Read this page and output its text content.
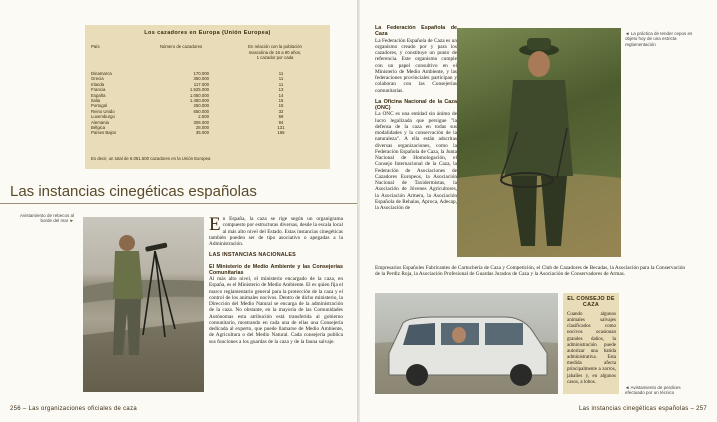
Los cazadores en Europa (Unión Europea)
País	Número de cazadores	En relación con la población
masculina de 16 a 90 años,
1 cazador por cada
Dinamarca	170.000	11
Grecia	350.000	11
Irlanda	117.000	11
Francia	1.525.000	13
España	1.050.000	14
Italia	1.450.000	15
Portugal	250.000	15
Reino Unido	650.000	32
Luxemburgo	2.500	59
Alemania	306.000	94
Bélgica	28.000	131
Países Bajos	35.000	166
Es decir, un total de 6.051.500 cazadores en la Unión Europea
Las instancias cinegéticas españolas
Avistamiento de rebecos al borde del mar ►	En España, la caza se rige según un organigrama compuesto por estructuras diversas, desde la escala local al más alto nivel del Estado. Estas instancias cinegéticas también pueden ser de tipo asociativo o apegadas a la Administración.

LAS INSTANCIAS NACIONALES

El Ministerio de Medio Ambiente y las Consejerías Comunitarias

Al más alto nivel, el ministerio encargado de la caza, en España, es el Ministerio de Medio Ambiente. El es quien fija el marco reglamentario general para la protección de la caza y el control de los animales nocivos. Dentro de dicho ministerio, la Dirección del Medio Natural se encarga de la administración de la caza. No obstante, en la mayoría de las Comunidades Autónomas esta atribución está transferida al gobierno comunitario, mostrando en cada una de ellas una Consejería dedicada al experto, que puede llamarse de Medio Ambiente, de Agricultura o del Medio Natural. Cada consejería publica sus funciones a los guardas de la caza y de la fauna salvaje.

256 – Las organizaciones oficiales de caza

La Federación Española de Caza

La Federación Española de Caza es un organismo creado por y para los cazadores, y constituye un punto de referencia. Este organismo cumple con un papel consultivo en el Ministerio de Medio Ambiente, y las federaciones provinciales participan y colaboran con las Consejerías comunitarias.

La Oficina Nacional de la Caza (ONC)

La ONC es una entidad sin ánimo de lucro legalizada que persigue "la defensa de la caza en todas sus modalidades y la conservación de la naturaleza". A ella están adscritas diversas organizaciones, como la Federación Española de Caza, la Junta Nacional de Homologación, el Consejo Internacional de la Caza, la Federación de Asociaciones de Cazadores Europeos, la Asociación Nacional de Taxidermistas, la Asociación de Jóvenes Agricultores, la Asociación Armera, la Asociación Española de Rehalas, Aproca, Adecap, la Asociación de

◄ La práctica de tender cepos es objeto hoy de una estricta reglamentación
Empresarios Españoles Fabricantes de Cartuchería de Caza y Competición, el Club de Cazadores de Becadas, la Asociación para la Conservación de la Perdiz Roja, la Asociación Profesional de Guardas Jurados de Caza y la Asociación de Conservadores de Armas.
EL CONSEJO DE CAZA
Cuando algunos animales salvajes clasificados como nocivos ocasionan grandes daños, la administración puede autorizar una batida administrativa. Esta medida afecta principalmente a zorros, jabalíes y, en algunos casos, a lobos.
◄ Avistamiento de perdices efectuado por un técnico
Las instancias cinegéticas españolas – 257
